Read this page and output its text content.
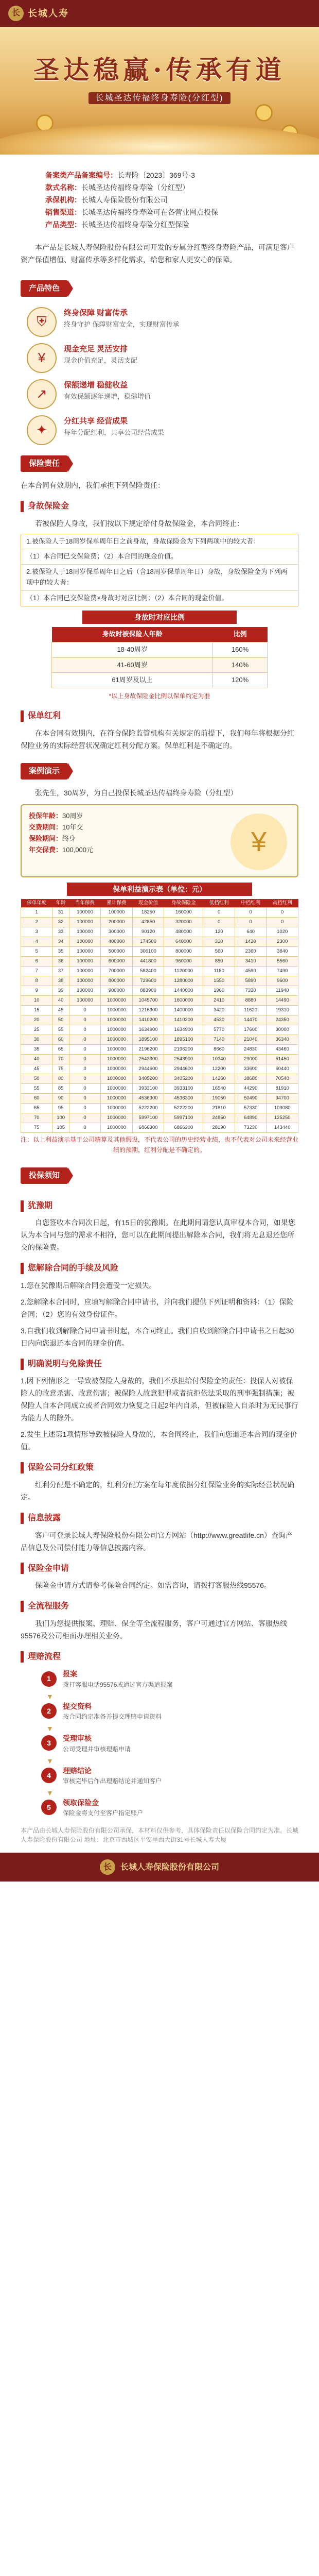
长 长城人寿
圣达稳赢·传承有道
长城圣达传福终身寿险(分红型)
备案类产品备案编号： 长寿险〔2023〕369号-3
款式名称： 长城圣达传福终身寿险（分红型）
承保机构： 长城人寿保险股份有限公司
销售渠道： 长城圣达传福终身寿险可在各营业网点投保
产品类型： 长城圣达传福终身寿险分红型保险
本产品是长城人寿保险股份有限公司开发的专属分红型终身寿险产品，可满足客户资产保值增值、财富传承等多样化需求，给您和家人更安心的保障。
产品特色
⛨
终身保障 财富传承
终身守护 保障财富安全，实现财富传承
¥
现金充足 灵活安排
现金价值充足，灵活支配
↗
保额递增 稳健收益
有效保额逐年递增，稳健增值
✦
分红共享 经营成果
每年分配红利，共享公司经营成果
保险责任
在本合同有效期内，我们承担下列保险责任：
身故保险金
若被保险人身故，我们按以下规定给付身故保险金，本合同终止：
1.被保险人于18周岁保单周年日之前身故，身故保险金为下列两项中的较大者：
（1）本合同已交保险费；（2）本合同的现金价值。
2.被保险人于18周岁保单周年日之后（含18周岁保单周年日）身故，身故保险金为下列两项中的较大者：
（1）本合同已交保险费×身故时对应比例；（2）本合同的现金价值。
身故时对应比例
身故时被保险人年龄	比例
18-40周岁	160%
41-60周岁	140%
61周岁及以上	120%
*以上身故保险金比例以保单约定为准
保单红利
在本合同有效期内，在符合保险监管机构有关规定的前提下，我们每年将根据分红保险业务的实际经营状况确定红利分配方案。保单红利是不确定的。
案例演示
张先生，30周岁，为自己投保长城圣达传福终身寿险（分红型）
投保年龄：30周岁
交费期间：10年交
保险期间：终身
年交保费：100,000元	¥
保单利益演示表（单位：元）
保单年度	年龄	当年保费	累计保费	现金价值	身故保险金	低档红利	中档红利	高档红利
1	31	100000	100000	18250	160000	0	0	0
2	32	100000	200000	42850	320000	0	0	0
3	33	100000	300000	90120	480000	120	640	1020
4	34	100000	400000	174500	640000	310	1420	2300
5	35	100000	500000	306100	800000	560	2360	3840
6	36	100000	600000	441800	960000	850	3410	5560
7	37	100000	700000	582400	1120000	1180	4590	7490
8	38	100000	800000	729600	1280000	1550	5890	9600
9	39	100000	900000	883900	1440000	1960	7320	11940
10	40	100000	1000000	1045700	1600000	2410	8880	14490
15	45	0	1000000	1216300	1400000	3420	11620	19310
20	50	0	1000000	1410200	1410200	4530	14470	24350
25	55	0	1000000	1634900	1634900	5770	17600	30000
30	60	0	1000000	1895100	1895100	7140	21040	36340
35	65	0	1000000	2196200	2196200	8660	24830	43460
40	70	0	1000000	2543900	2543900	10340	29000	51450
45	75	0	1000000	2944600	2944600	12200	33600	60440
50	80	0	1000000	3405200	3405200	14260	38680	70540
55	85	0	1000000	3933100	3933100	16540	44290	81910
60	90	0	1000000	4536300	4536300	19050	50490	94700
65	95	0	1000000	5222200	5222200	21810	57330	109080
70	100	0	1000000	5997100	5997100	24850	64890	125250
75	105	0	1000000	6866300	6866300	28190	73230	143440
注：以上利益演示基于公司精算及其他假设，不代表公司的历史经营业绩，也不代表对公司未来经营业绩的预期，红利分配是不确定的。
投保须知
犹豫期
自您签收本合同次日起，有15日的犹豫期。在此期间请您认真审视本合同，如果您认为本合同与您的需求不相符，您可以在此期间提出解除本合同，我们将无息退还您所交的保险费。
您解除合同的手续及风险
1.您在犹豫期后解除合同会遭受一定损失。
2.您解除本合同时，应填写解除合同申请书，并向我们提供下列证明和资料：（1）保险合同；（2）您的有效身份证件。
3.自我们收到解除合同申请书时起，本合同终止。我们自收到解除合同申请书之日起30日内向您退还本合同的现金价值。
明确说明与免除责任
1.因下列情形之一导致被保险人身故的，我们不承担给付保险金的责任：投保人对被保险人的故意杀害、故意伤害；被保险人故意犯罪或者抗拒依法采取的刑事强制措施；被保险人自本合同成立或者合同效力恢复之日起2年内自杀，但被保险人自杀时为无民事行为能力人的除外。
2.发生上述第1项情形导致被保险人身故的，本合同终止，我们向您退还本合同的现金价值。
保险公司分红政策
红利分配是不确定的，红利分配方案在每年度依据分红保险业务的实际经营状况确定。
信息披露
客户可登录长城人寿保险股份有限公司官方网站（http://www.greatlife.cn）查询产品信息及公司偿付能力等信息披露内容。
保险金申请
保险金申请方式请参考保险合同约定。如需咨询，请拨打客服热线95576。
全流程服务
我们为您提供报案、理赔、保全等全流程服务，客户可通过官方网站、客服热线95576及公司柜面办理相关业务。
理赔流程
1
报案
拨打客服电话95576或通过官方渠道报案
▼
2
提交资料
按合同约定准备并提交理赔申请资料
▼
3
受理审核
公司受理并审核理赔申请
▼
4
理赔结论
审核完毕后作出理赔结论并通知客户
▼
5
领取保险金
保险金将支付至客户指定账户
本产品由长城人寿保险股份有限公司承保，本材料仅供参考，具体保险责任以保险合同约定为准。长城人寿保险股份有限公司 地址：北京市西城区平安里西大街31号长城人寿大厦
长	长城人寿保险股份有限公司
